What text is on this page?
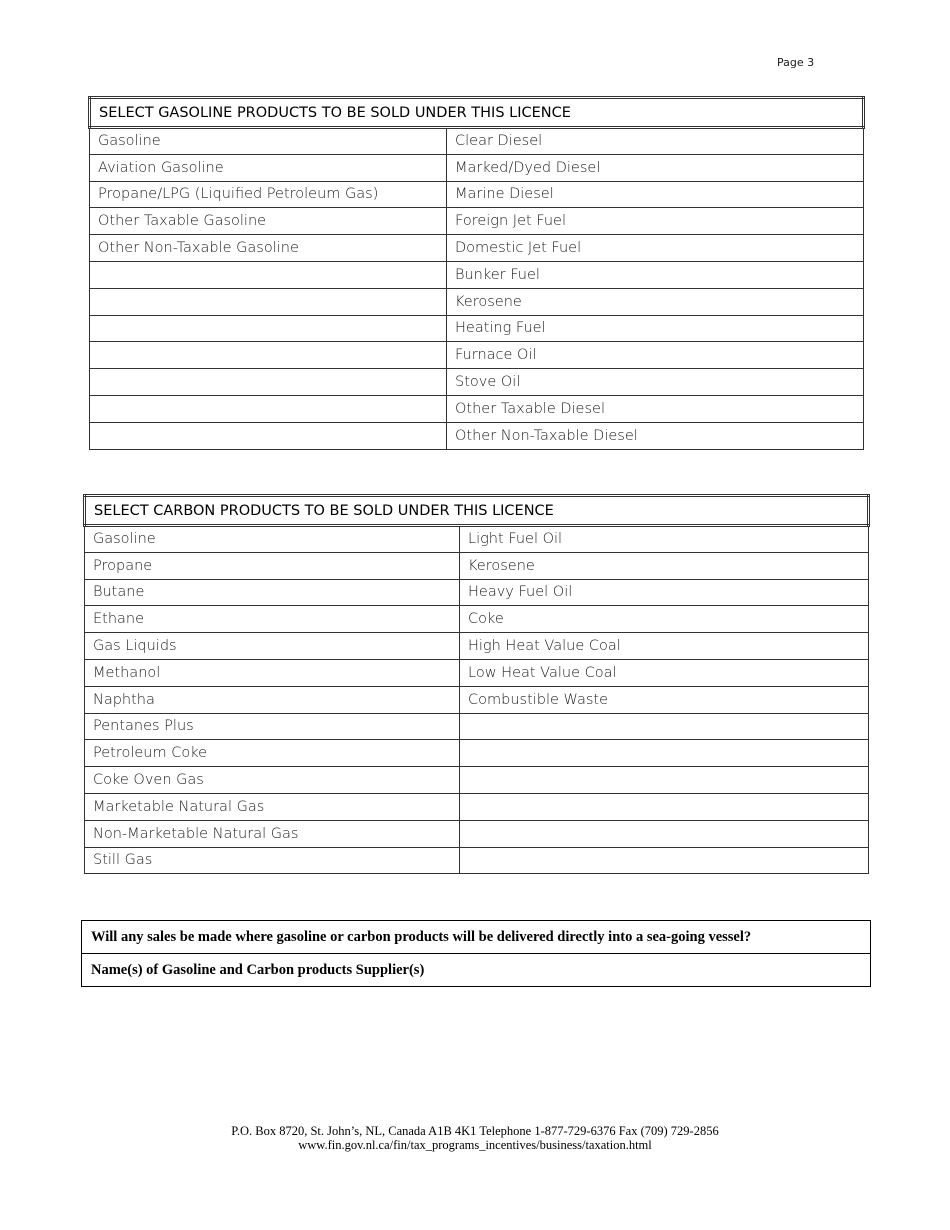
Page 3
SELECT GASOLINE PRODUCTS TO BE SOLD UNDER THIS LICENCE	
Gasoline	Clear Diesel
Aviation Gasoline	Marked/Dyed Diesel
Propane/LPG (Liquified Petroleum Gas)	Marine Diesel
Other Taxable Gasoline	Foreign Jet Fuel
Other Non-Taxable Gasoline	Domestic Jet Fuel
	Bunker Fuel
	Kerosene
	Heating Fuel
	Furnace Oil
	Stove Oil
	Other Taxable Diesel
	Other Non-Taxable Diesel
SELECT CARBON PRODUCTS TO BE SOLD UNDER THIS LICENCE	
Gasoline	Light Fuel Oil
Propane	Kerosene
Butane	Heavy Fuel Oil
Ethane	Coke
Gas Liquids	High Heat Value Coal
Methanol	Low Heat Value Coal
Naphtha	Combustible Waste
Pentanes Plus	
Petroleum Coke	
Coke Oven Gas	
Marketable Natural Gas	
Non-Marketable Natural Gas	
Still Gas	
Will any sales be made where gasoline or carbon products will be delivered directly into a sea-going vessel?
Name(s) of Gasoline and Carbon products Supplier(s)
P.O. Box 8720, St. John’s, NL, Canada A1B 4K1 Telephone 1-877-729-6376 Fax (709) 729-2856
www.fin.gov.nl.ca/fin/tax_programs_incentives/business/taxation.html
